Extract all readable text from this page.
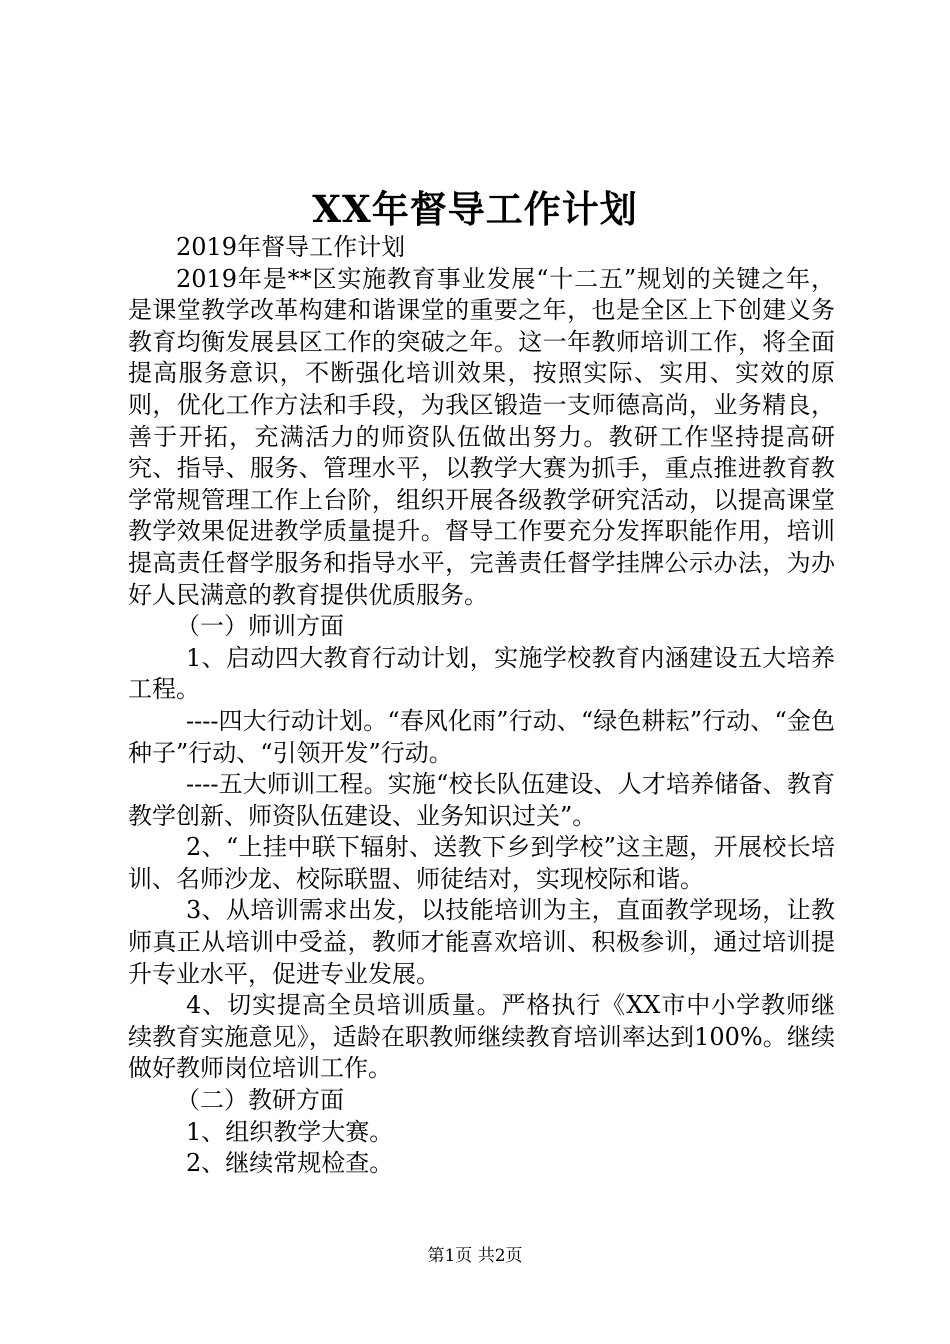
XX年督导工作计划

2019年督导工作计划

2019年是**区实施教育事业发展“十二五”规划的关键之年，是课堂教学改革构建和谐课堂的重要之年，也是全区上下创建义务教育均衡发展县区工作的突破之年。这一年教师培训工作，将全面提高服务意识，不断强化培训效果，按照实际、实用、实效的原则，优化工作方法和手段，为我区锻造一支师德高尚，业务精良，善于开拓，充满活力的师资队伍做出努力。教研工作坚持提高研究、指导、服务、管理水平，以教学大赛为抓手，重点推进教育教学常规管理工作上台阶，组织开展各级教学研究活动，以提高课堂教学效果促进教学质量提升。督导工作要充分发挥职能作用，培训提高责任督学服务和指导水平，完善责任督学挂牌公示办法，为办好人民满意的教育提供优质服务。

（一）师训方面

1、启动四大教育行动计划，实施学校教育内涵建设五大培养工程。

----四大行动计划。“春风化雨”行动、“绿色耕耘”行动、“金色种子”行动、“引领开发”行动。

----五大师训工程。实施“校长队伍建设、人才培养储备、教育教学创新、师资队伍建设、业务知识过关”。

2、“上挂中联下辐射、送教下乡到学校”这主题，开展校长培训、名师沙龙、校际联盟、师徒结对，实现校际和谐。

3、从培训需求出发，以技能培训为主，直面教学现场，让教师真正从培训中受益，教师才能喜欢培训、积极参训，通过培训提升专业水平，促进专业发展。

4、切实提高全员培训质量。严格执行《XX市中小学教师继续教育实施意见》，适龄在职教师继续教育培训率达到100%。继续做好教师岗位培训工作。

（二）教研方面

1、组织教学大赛。

2、继续常规检查。

第1页 共2页
